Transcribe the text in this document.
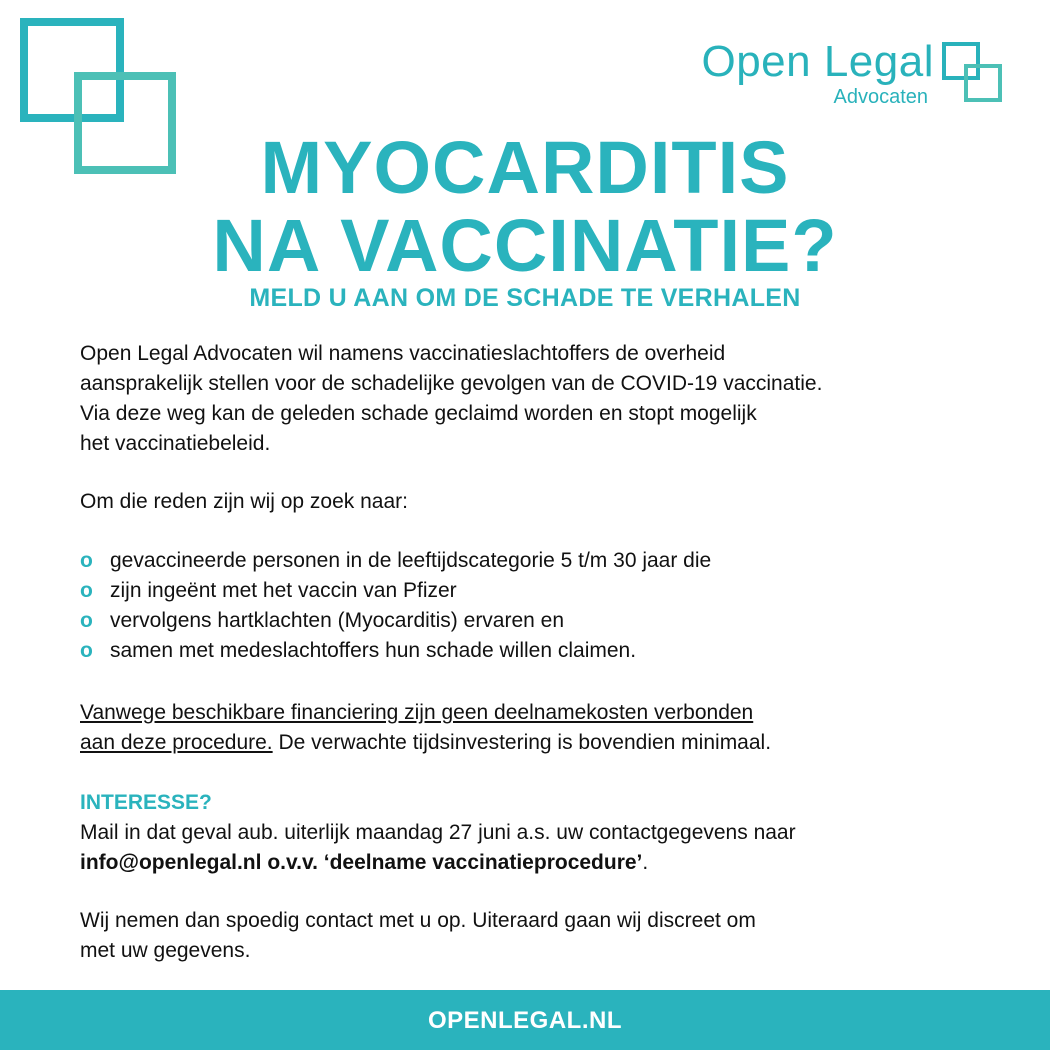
Open Legal
Advocaten
MYOCARDITIS
NA VACCINATIE?
MELD U AAN OM DE SCHADE TE VERHALEN

Open Legal Advocaten wil namens vaccinatieslachtoffers de overheid

aansprakelijk stellen voor de schadelijke gevolgen van de COVID-19 vaccinatie.

Via deze weg kan de geleden schade geclaimd worden en stopt mogelijk

het vaccinatiebeleid.

Om die reden zijn wij op zoek naar:

o gevaccineerde personen in de leeftijdscategorie 5 t/m 30 jaar die
o zijn ingeënt met het vaccin van Pfizer
o vervolgens hartklachten (Myocarditis) ervaren en
o samen met medeslachtoffers hun schade willen claimen.
Vanwege beschikbare financiering zijn geen deelnamekosten verbonden
aan deze procedure. De verwachte tijdsinvestering is bovendien minimaal.
INTERESSE?
Mail in dat geval aub. uiterlijk maandag 27 juni a.s. uw contactgegevens naar
info@openlegal.nl o.v.v. ‘deelname vaccinatieprocedure’.
Wij nemen dan spoedig contact met u op. Uiteraard gaan wij discreet om
met uw gegevens.
OPENLEGAL.NL
